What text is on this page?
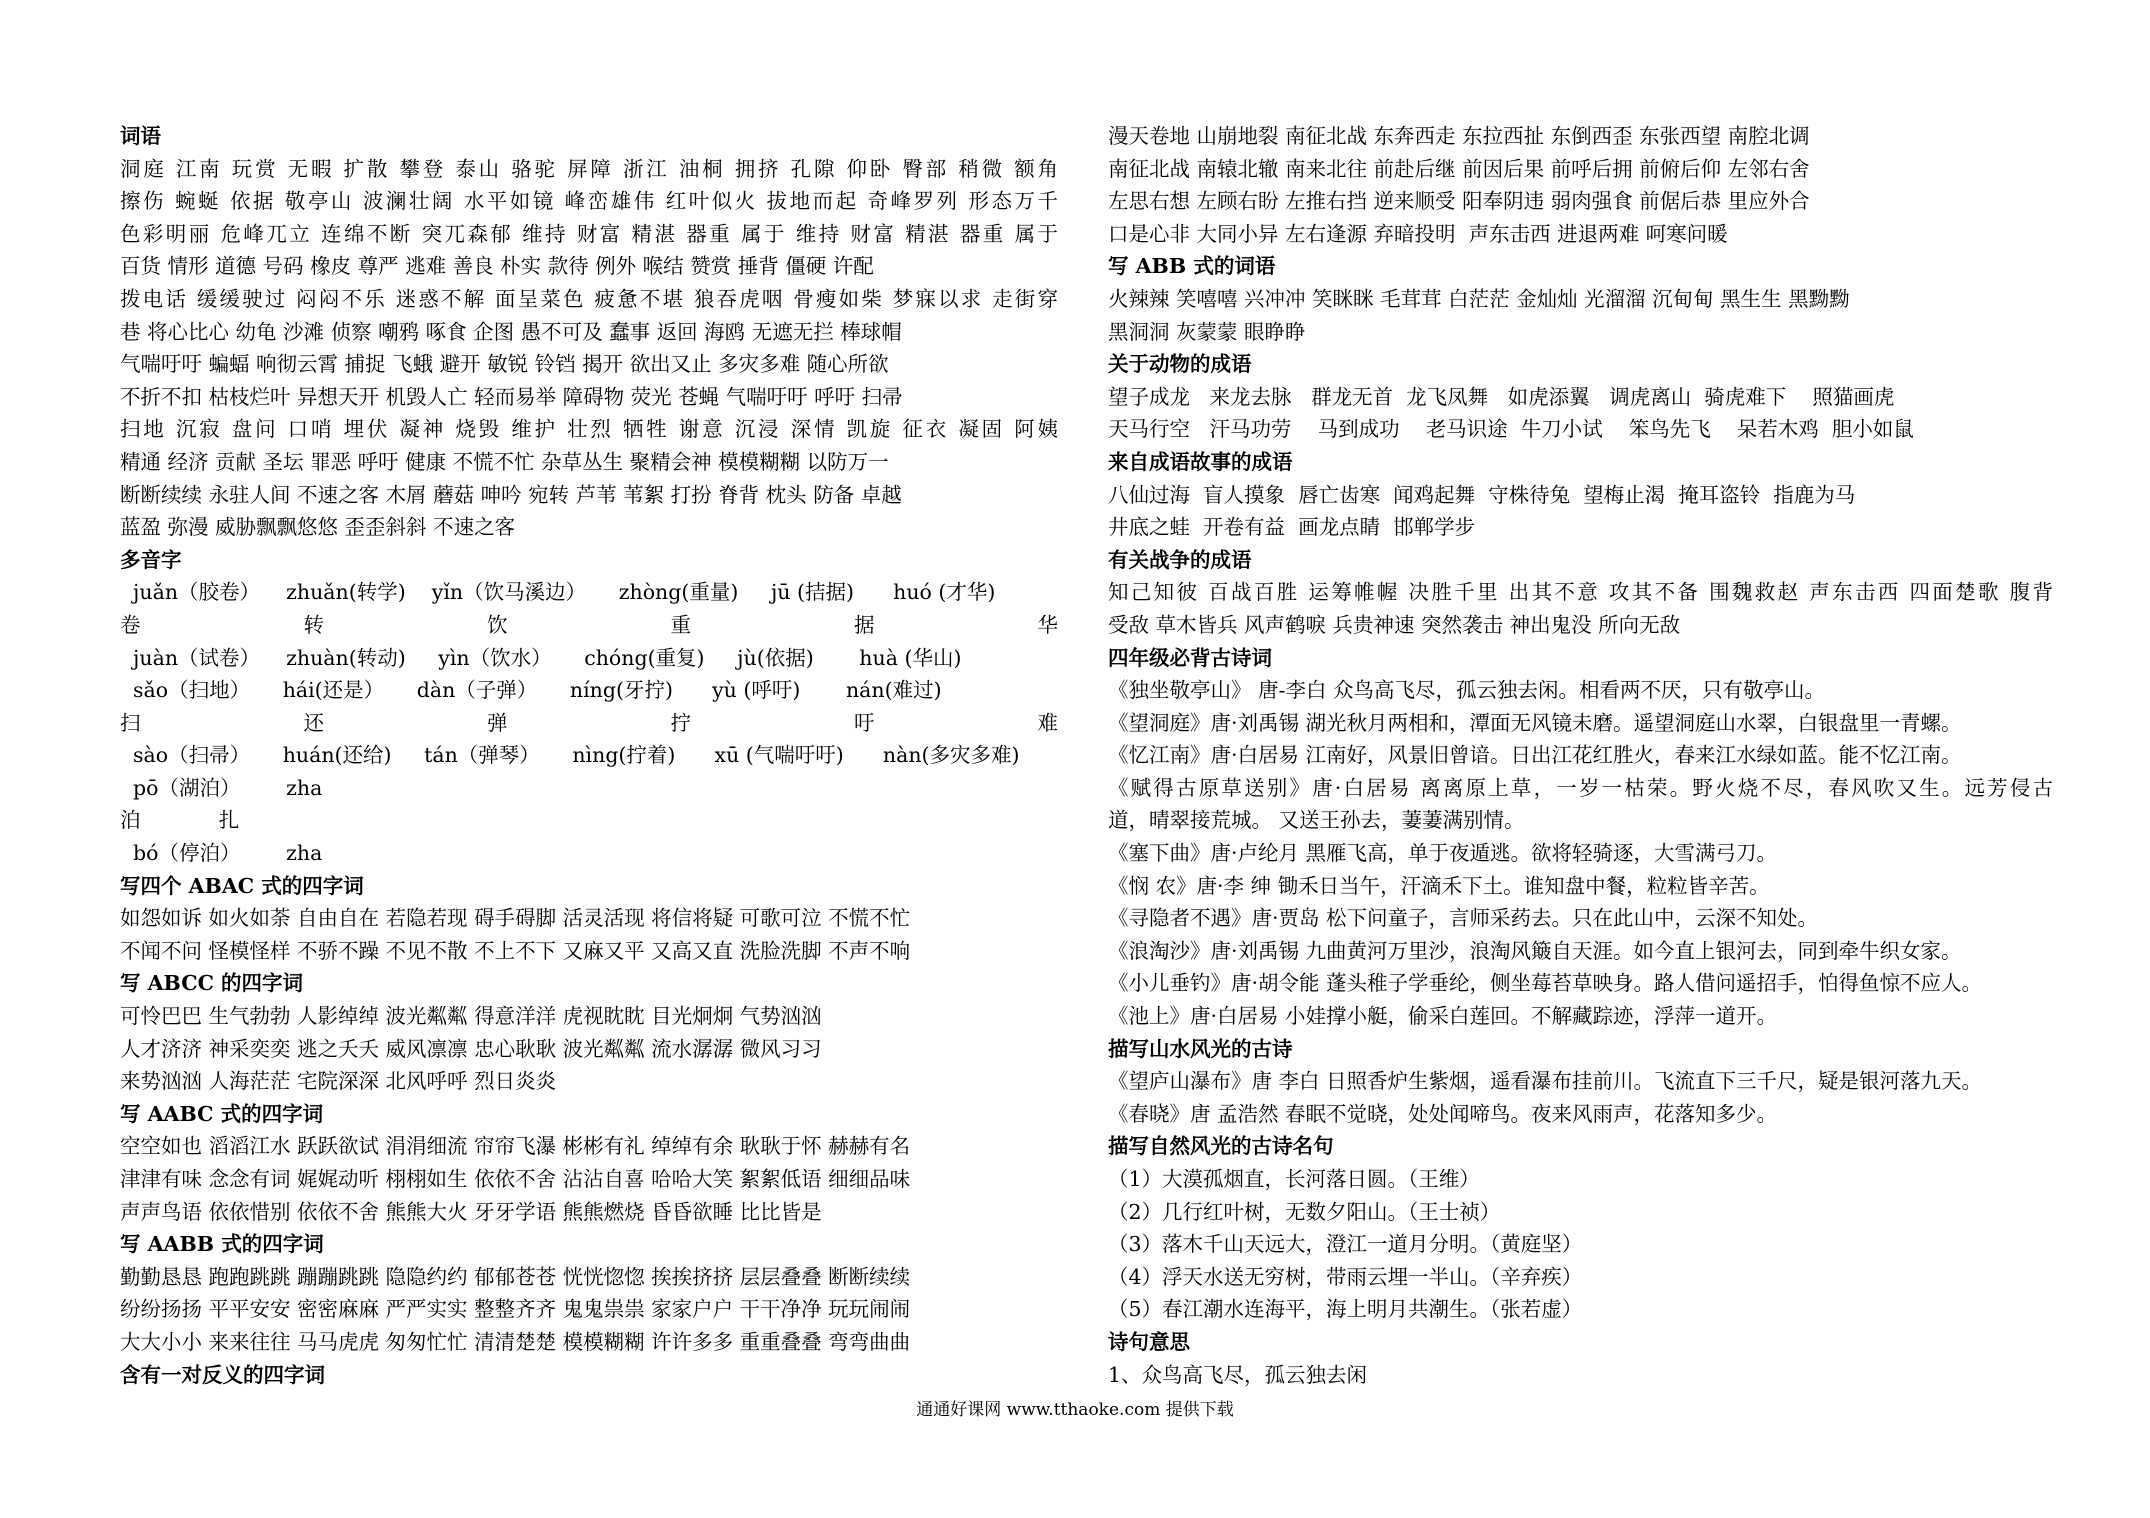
词语
洞庭 江南 玩赏 无暇 扩散 攀登 泰山 骆驼 屏障 浙江 油桐 拥挤 孔隙 仰卧 臀部 稍微 额角
擦伤 蜿蜒 依据 敬亭山 波澜壮阔 水平如镜 峰峦雄伟 红叶似火 拔地而起 奇峰罗列 形态万千
色彩明丽 危峰兀立 连绵不断 突兀森郁 维持 财富 精湛 器重 属于 维持 财富 精湛 器重 属于
百货 情形 道德 号码 橡皮 尊严 逃难 善良 朴实 款待 例外 喉结 赞赏 捶背 僵硬 许配
拨电话 缓缓驶过 闷闷不乐 迷惑不解 面呈菜色 疲惫不堪 狼吞虎咽 骨瘦如柴 梦寐以求 走街穿
巷 将心比心 幼龟 沙滩 侦察 嘲鸦 啄食 企图 愚不可及 蠢事 返回 海鸥 无遮无拦 棒球帽
气喘吁吁 蝙蝠 响彻云霄 捕捉 飞蛾 避开 敏锐 铃铛 揭开 欲出又止 多灾多难 随心所欲
不折不扣 枯枝烂叶 异想天开 机毁人亡 轻而易举 障碍物 荧光 苍蝇 气喘吁吁 呼吁 扫帚
扫地 沉寂 盘问 口哨 埋伏 凝神 烧毁 维护 壮烈 牺牲 谢意 沉浸 深情 凯旋 征衣 凝固 阿姨
精通 经济 贡献 圣坛 罪恶 呼吁 健康 不慌不忙 杂草丛生 聚精会神 模模糊糊 以防万一
断断续续 永驻人间 不速之客 木屑 蘑菇 呻吟 宛转 芦苇 苇絮 打扮 脊背 枕头 防备 卓越
蓝盈 弥漫 威胁飘飘悠悠 歪歪斜斜 不速之客
多音字
juǎn（胶卷）    zhuǎn(转学)    yǐn（饮马溪边）     zhòng(重量)     jū (拮据)      huó (才华)
卷 转 饮 重 据 华
juàn（试卷）    zhuàn(转动)     yìn（饮水）     chóng(重复)     jù(依据)       huà (华山)
sǎo（扫地）     hái(还是）     dàn（子弹）     níng(牙拧)      yù (呼吁)       nán(难过)
扫 还 弹 拧 吁 难
sào（扫帚）     huán(还给)     tán（弹琴）     nìng(拧着)      xū (气喘吁吁)      nàn(多灾多难)
pō（湖泊）       zha
泊            扎
bó（停泊）       zha
写四个 ABAC 式的四字词
如怨如诉 如火如荼 自由自在 若隐若现 碍手碍脚 活灵活现 将信将疑 可歌可泣 不慌不忙
不闻不问 怪模怪样 不骄不躁 不见不散 不上不下 又麻又平 又高又直 洗脸洗脚 不声不响
写 ABCC 的四字词
可怜巴巴 生气勃勃 人影绰绰 波光粼粼 得意洋洋 虎视眈眈 目光炯炯 气势汹汹
人才济济 神采奕奕 逃之夭夭 威风凛凛 忠心耿耿 波光粼粼 流水潺潺 微风习习
来势汹汹 人海茫茫 宅院深深 北风呼呼 烈日炎炎
写 AABC 式的四字词
空空如也 滔滔江水 跃跃欲试 涓涓细流 帘帘飞瀑 彬彬有礼 绰绰有余 耿耿于怀 赫赫有名
津津有味 念念有词 娓娓动听 栩栩如生 依依不舍 沾沾自喜 哈哈大笑 絮絮低语 细细品味
声声鸟语 依依惜别 依依不舍 熊熊大火 牙牙学语 熊熊燃烧 昏昏欲睡 比比皆是
写 AABB 式的四字词
勤勤恳恳 跑跑跳跳 蹦蹦跳跳 隐隐约约 郁郁苍苍 恍恍惚惚 挨挨挤挤 层层叠叠 断断续续
纷纷扬扬 平平安安 密密麻麻 严严实实 整整齐齐 鬼鬼祟祟 家家户户 干干净净 玩玩闹闹
大大小小 来来往往 马马虎虎 匆匆忙忙 清清楚楚 模模糊糊 许许多多 重重叠叠 弯弯曲曲
含有一对反义的四字词
漫天卷地 山崩地裂 南征北战 东奔西走 东拉西扯 东倒西歪 东张西望 南腔北调
南征北战 南辕北辙 南来北往 前赴后继 前因后果 前呼后拥 前俯后仰 左邻右舍
左思右想 左顾右盼 左推右挡 逆来顺受 阳奉阴违 弱肉强食 前倨后恭 里应外合
口是心非 大同小异 左右逢源 弃暗投明  声东击西 进退两难 呵寒问暖
写 ABB 式的词语
火辣辣 笑嘻嘻 兴冲冲 笑眯眯 毛茸茸 白茫茫 金灿灿 光溜溜 沉甸甸 黑生生 黑黝黝
黑洞洞 灰蒙蒙 眼睁睁
关于动物的成语
望子成龙   来龙去脉   群龙无首  龙飞凤舞   如虎添翼   调虎离山  骑虎难下    照猫画虎
天马行空   汗马功劳    马到成功    老马识途  牛刀小试    笨鸟先飞    呆若木鸡  胆小如鼠
来自成语故事的成语
八仙过海  盲人摸象  唇亡齿寒  闻鸡起舞  守株待兔  望梅止渴  掩耳盗铃  指鹿为马
井底之蛙  开卷有益  画龙点睛  邯郸学步
有关战争的成语
知己知彼 百战百胜 运筹帷幄 决胜千里 出其不意 攻其不备 围魏救赵 声东击西 四面楚歌 腹背
受敌 草木皆兵 风声鹤唳 兵贵神速 突然袭击 神出鬼没 所向无敌
四年级必背古诗词
《独坐敬亭山》 唐-李白 众鸟高飞尽，孤云独去闲。相看两不厌，只有敬亭山。
《望洞庭》唐·刘禹锡 湖光秋月两相和，潭面无风镜未磨。遥望洞庭山水翠，白银盘里一青螺。
《忆江南》唐·白居易 江南好，风景旧曾谙。日出江花红胜火，春来江水绿如蓝。能不忆江南。
《赋得古原草送别》唐·白居易 离离原上草，一岁一枯荣。野火烧不尽，春风吹又生。远芳侵古
道，晴翠接荒城。 又送王孙去，萋萋满别情。
《塞下曲》唐·卢纶月 黑雁飞高，单于夜遁逃。欲将轻骑逐，大雪满弓刀。
《悯 农》唐·李 绅 锄禾日当午，汗滴禾下土。谁知盘中餐，粒粒皆辛苦。
《寻隐者不遇》唐·贾岛 松下问童子，言师采药去。只在此山中，云深不知处。
《浪淘沙》唐·刘禹锡 九曲黄河万里沙，浪淘风簸自天涯。如今直上银河去，同到牵牛织女家。
《小儿垂钓》唐·胡令能 蓬头稚子学垂纶，侧坐莓苔草映身。路人借问遥招手，怕得鱼惊不应人。
《池上》唐·白居易 小娃撑小艇，偷采白莲回。不解藏踪迹，浮萍一道开。
描写山水风光的古诗
《望庐山瀑布》唐 李白 日照香炉生紫烟，遥看瀑布挂前川。飞流直下三千尺，疑是银河落九天。
《春晓》唐 孟浩然 春眠不觉晓，处处闻啼鸟。夜来风雨声，花落知多少。
描写自然风光的古诗名句
（1）大漠孤烟直，长河落日圆。（王维）
（2）几行红叶树，无数夕阳山。（王士祯）
（3）落木千山天远大，澄江一道月分明。（黄庭坚）
（4）浮天水送无穷树，带雨云埋一半山。（辛弃疾）
（5）春江潮水连海平，海上明月共潮生。（张若虚）
诗句意思
1、众鸟高飞尽，孤云独去闲
通通好课网 www.tthaoke.com 提供下载
